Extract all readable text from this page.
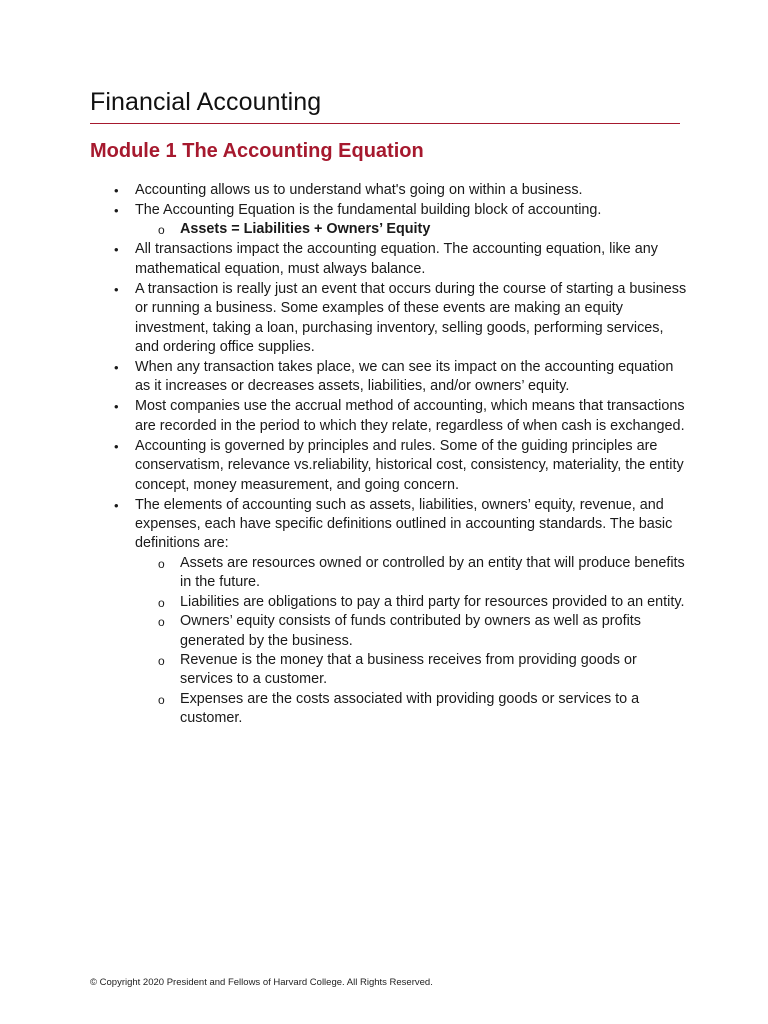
Financial Accounting
Module 1 The Accounting Equation
• Accounting allows us to understand what's going on within a business.
• The Accounting Equation is the fundamental building block of accounting.
o Assets = Liabilities + Owners’ Equity
• All transactions impact the accounting equation. The accounting equation, like any mathematical equation, must always balance.
• A transaction is really just an event that occurs during the course of starting a business or running a business. Some examples of these events are making an equity investment, taking a loan, purchasing inventory, selling goods, performing services, and ordering office supplies.
• When any transaction takes place, we can see its impact on the accounting equation as it increases or decreases assets, liabilities, and/or owners’ equity.
• Most companies use the accrual method of accounting, which means that transactions are recorded in the period to which they relate, regardless of when cash is exchanged.
• Accounting is governed by principles and rules. Some of the guiding principles are conservatism, relevance vs.reliability, historical cost, consistency, materiality, the entity concept, money measurement, and going concern.
• The elements of accounting such as assets, liabilities, owners’ equity, revenue, and expenses, each have specific definitions outlined in accounting standards. The basic definitions are:
o Assets are resources owned or controlled by an entity that will produce benefits in the future.
o Liabilities are obligations to pay a third party for resources provided to an entity.
o Owners’ equity consists of funds contributed by owners as well as profits generated by the business.
o Revenue is the money that a business receives from providing goods or services to a customer.
o Expenses are the costs associated with providing goods or services to a customer.
© Copyright 2020 President and Fellows of Harvard College. All Rights Reserved.
